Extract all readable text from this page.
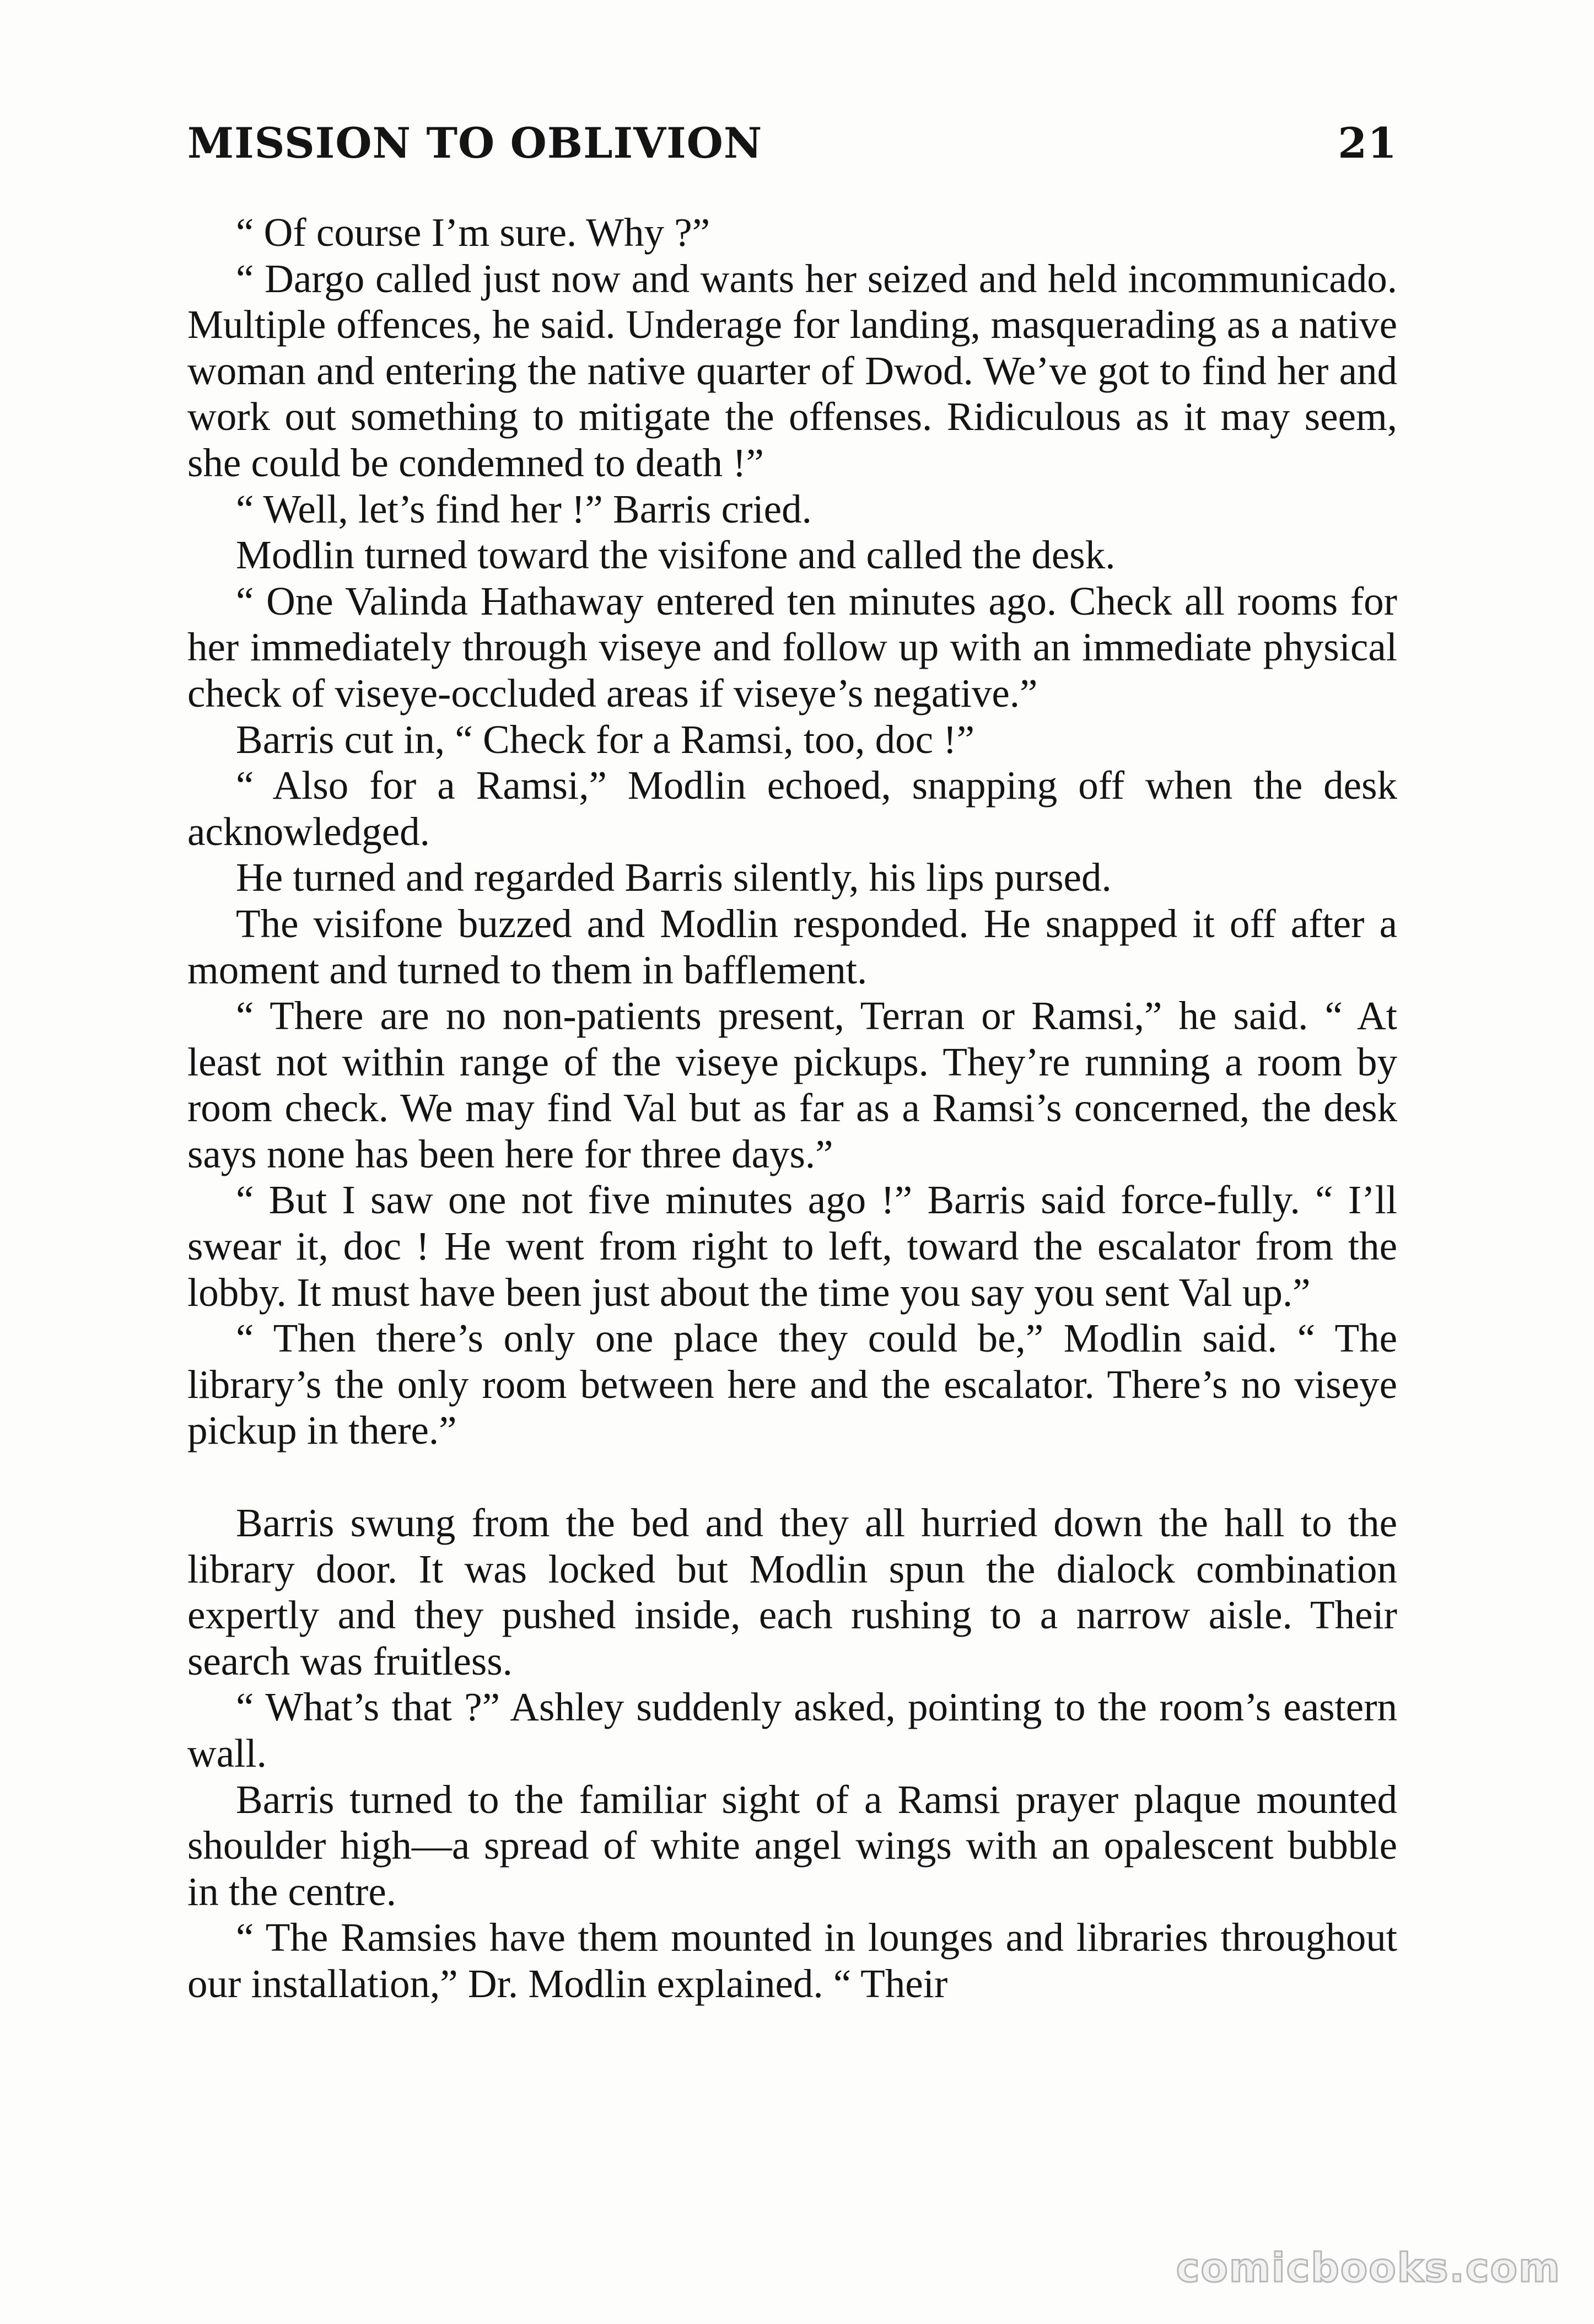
MISSION TO OBLIVION	21

“ Of course I’m sure. Why ?”

“ Dargo called just now and wants her seized and held incommunicado. Multiple offences, he said. Underage for landing, masquerading as a native woman and entering the native quarter of Dwod. We’ve got to find her and work out something to mitigate the offenses. Ridiculous as it may seem, she could be condemned to death !”

“ Well, let’s find her !” Barris cried.

Modlin turned toward the visifone and called the desk.

“ One Valinda Hathaway entered ten minutes ago. Check all rooms for her immediately through viseye and follow up with an immediate physical check of viseye-occluded areas if viseye’s negative.”

Barris cut in, “ Check for a Ramsi, too, doc !”

“ Also for a Ramsi,” Modlin echoed, snapping off when the desk acknowledged.

He turned and regarded Barris silently, his lips pursed.

The visifone buzzed and Modlin responded. He snapped it off after a moment and turned to them in bafflement.

“ There are no non-patients present, Terran or Ramsi,” he said. “ At least not within range of the viseye pickups. They’re running a room by room check. We may find Val but as far as a Ramsi’s concerned, the desk says none has been here for three days.”

“ But I saw one not five minutes ago !” Barris said force-fully. “ I’ll swear it, doc ! He went from right to left, toward the escalator from the lobby. It must have been just about the time you say you sent Val up.”

“ Then there’s only one place they could be,” Modlin said. “ The library’s the only room between here and the escalator. There’s no viseye pickup in there.”

Barris swung from the bed and they all hurried down the hall to the library door. It was locked but Modlin spun the dialock combination expertly and they pushed inside, each rushing to a narrow aisle. Their search was fruitless.

“ What’s that ?” Ashley suddenly asked, pointing to the room’s eastern wall.

Barris turned to the familiar sight of a Ramsi prayer plaque mounted shoulder high—a spread of white angel wings with an opalescent bubble in the centre.

“ The Ramsies have them mounted in lounges and libraries throughout our installation,” Dr. Modlin explained. “ Their

comicbooks.com
